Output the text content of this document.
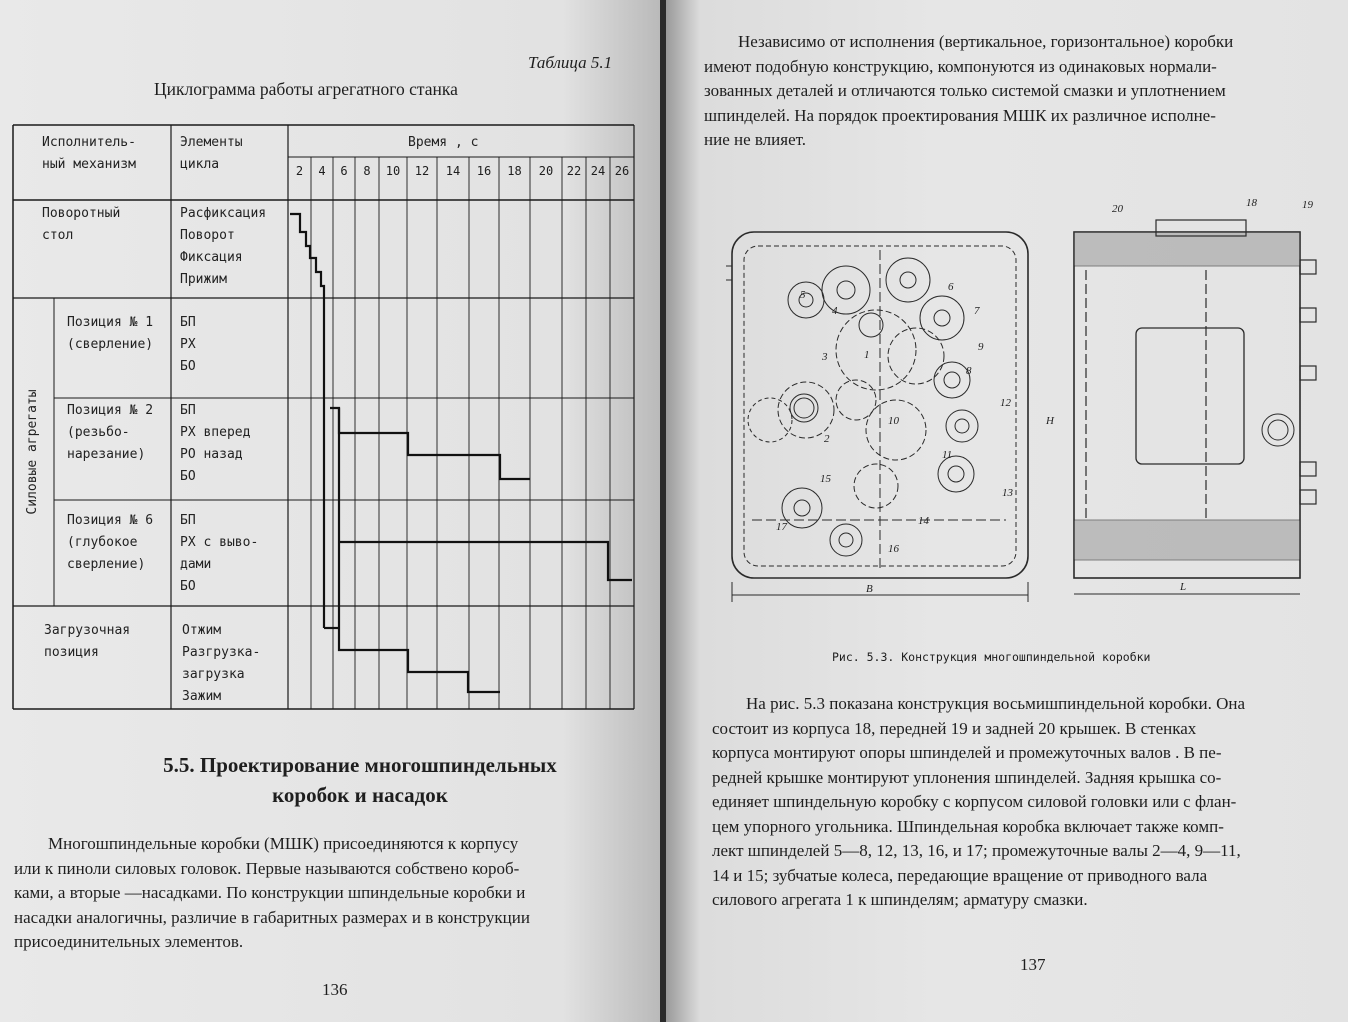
Таблица 5.1
Циклограмма работы агрегатного станка
Исполнитель-
ный механизм
Элементы
цикла
Время , с
2 4 6 8 10 12 14 16 18 20 22 24 26
Поворотный
стол
Расфиксация
Поворот
Фиксация
Прижим
Силовые агрегаты
Позиция № 1
(сверление)
БП
РХ
БО
Позиция № 2
(резьбо-
нарезание)
БП
РХ вперед
РО назад
БО
Позиция № 6
(глубокое
сверление)
БП
РХ с выво-
дами
БО
Загрузочная
позиция
Отжим
Разгрузка-
загрузка
Зажим
5.5. Проектирование многошпиндельных
коробок и насадок
Многошпиндельные коробки (МШК) присоединяются к корпусу
или к пиноли силовых головок. Первые называются собствено короб-
ками, а вторые —насадками. По конструкции шпиндельные коробки и
насадки аналогичны, различие в габаритных размерах и в конструкции
присоединительных элементов.
136
Независимо от исполнения (вертикальное, горизонтальное) коробки
имеют подобную конструкцию, компонуются из одинаковых нормали-
зованных деталей и отличаются только системой смазки и уплотнением
шпинделей. На порядок проектирования МШК их различное исполне-
ние не влияет.
1
2
3
4
5
6
7
8
9
10
11
12
13
14
15
16
17
B
20	18	19
H
L
Рис. 5.3. Конструкция многошпиндельной коробки
На рис. 5.3 показана конструкция восьмишпиндельной коробки. Она
состоит из корпуса 18, передней 19 и задней 20 крышек. В стенках
корпуса монтируют опоры шпинделей и промежуточных валов . В пе-
редней крышке монтируют уплонения шпинделей. Задняя крышка со-
единяет шпиндельную коробку с корпусом силовой головки или с флан-
цем упорного угольника. Шпиндельная коробка включает также комп-
лект шпинделей 5—8, 12, 13, 16, и 17; промежуточные валы 2—4, 9—11,
14 и 15; зубчатые колеса, передающие вращение от приводного вала
силового агрегата 1 к шпинделям; арматуру смазки.
137
